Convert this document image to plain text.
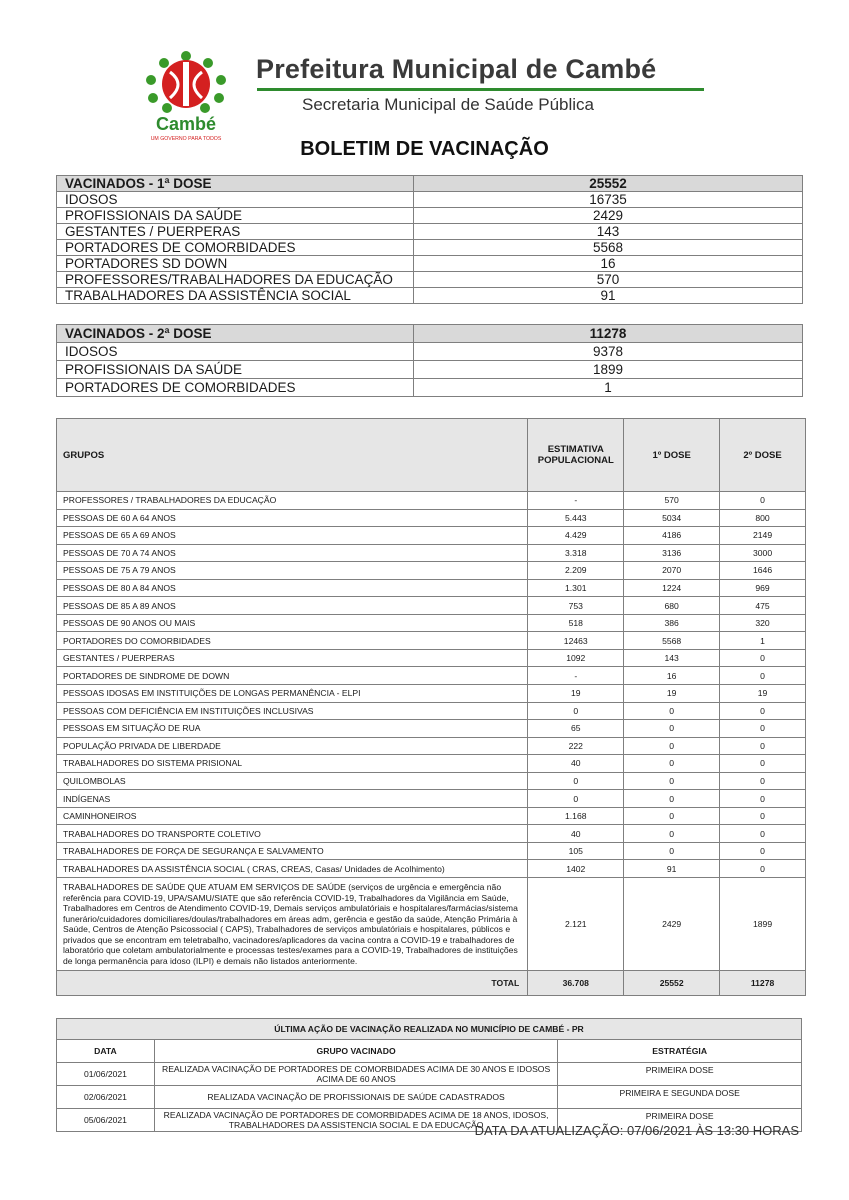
Cambé
UM GOVERNO PARA TODOS
Prefeitura Municipal de Cambé
Secretaria Municipal de Saúde Pública
BOLETIM DE VACINAÇÃO
VACINADOS - 1ª DOSE	25552
IDOSOS	16735
PROFISSIONAIS DA SAÚDE	2429
GESTANTES / PUERPERAS	143
PORTADORES DE COMORBIDADES	5568
PORTADORES SD DOWN	16
PROFESSORES/TRABALHADORES DA EDUCAÇÃO	570
TRABALHADORES DA ASSISTÊNCIA SOCIAL	91
VACINADOS - 2ª DOSE	11278
IDOSOS	9378
PROFISSIONAIS DA SAÚDE	1899
PORTADORES DE COMORBIDADES	1
GRUPOS	ESTIMATIVA POPULACIONAL	1º DOSE	2º DOSE
PROFESSORES / TRABALHADORES DA EDUCAÇÃO	-	570	0
PESSOAS DE 60 A 64 ANOS	5.443	5034	800
PESSOAS DE 65 A 69 ANOS	4.429	4186	2149
PESSOAS DE 70 A 74 ANOS	3.318	3136	3000
PESSOAS DE 75 A 79 ANOS	2.209	2070	1646
PESSOAS DE 80 A 84 ANOS	1.301	1224	969
PESSOAS DE 85 A 89 ANOS	753	680	475
PESSOAS DE 90 ANOS OU MAIS	518	386	320
PORTADORES DO COMORBIDADES	12463	5568	1
GESTANTES / PUERPERAS	1092	143	0
PORTADORES DE SINDROME DE DOWN	-	16	0
PESSOAS IDOSAS EM INSTITUIÇÕES DE LONGAS PERMANÊNCIA - ELPI	19	19	19
PESSOAS COM DEFICIÊNCIA EM INSTITUIÇÕES INCLUSIVAS	0	0	0
PESSOAS EM SITUAÇÃO DE RUA	65	0	0
POPULAÇÃO PRIVADA DE LIBERDADE	222	0	0
TRABALHADORES DO SISTEMA PRISIONAL	40	0	0
QUILOMBOLAS	0	0	0
INDÍGENAS	0	0	0
CAMINHONEIROS	1.168	0	0
TRABALHADORES DO TRANSPORTE COLETIVO	40	0	0
TRABALHADORES DE FORÇA DE SEGURANÇA E SALVAMENTO	105	0	0
TRABALHADORES DA ASSISTÊNCIA SOCIAL ( CRAS, CREAS, Casas/ Unidades de Acolhimento)	1402	91	0
TRABALHADORES DE SAÚDE QUE ATUAM EM SERVIÇOS DE SAÚDE (serviços de urgência e emergência não referência para COVID-19, UPA/SAMU/SIATE que são referência COVID-19, Trabalhadores da Vigilância em Saúde, Trabalhadores em Centros de Atendimento COVID-19, Demais serviços ambulatóriais e hospitalares/farmácias/sistema funerário/cuidadores domiciliares/doulas/trabalhadores em áreas adm, gerência e gestão da saúde, Atenção Primária à Saúde, Centros de Atenção Psicossocial ( CAPS), Trabalhadores de serviços ambulatóriais e hospitalares, públicos e privados que se encontram em teletrabalho, vacinadores/aplicadores da vacina contra a COVID-19 e trabalhadores de laboratório que coletam ambulatorialmente e processas testes/exames para a COVID-19, Trabalhadores de instituições de longa permanência para idoso (ILPI) e demais não listados anteriormente.	2.121	2429	1899
TOTAL	36.708	25552	11278
ÚLTIMA AÇÃO DE VACINAÇÃO REALIZADA NO MUNICÍPIO DE CAMBÉ - PR		
DATA	GRUPO VACINADO	ESTRATÉGIA
01/06/2021	REALIZADA VACINAÇÃO DE PORTADORES DE COMORBIDADES ACIMA DE 30 ANOS E IDOSOS ACIMA DE 60 ANOS	PRIMEIRA DOSE
02/06/2021	REALIZADA VACINAÇÃO DE PROFISSIONAIS DE SAÚDE CADASTRADOS	PRIMEIRA E SEGUNDA DOSE
05/06/2021	REALIZADA VACINAÇÃO DE PORTADORES DE COMORBIDADES ACIMA DE 18 ANOS, IDOSOS, TRABALHADORES DA ASSISTENCIA SOCIAL E DA EDUCAÇÃO	PRIMEIRA DOSE
DATA DA ATUALIZAÇÃO: 07/06/2021 ÀS 13:30 HORAS
